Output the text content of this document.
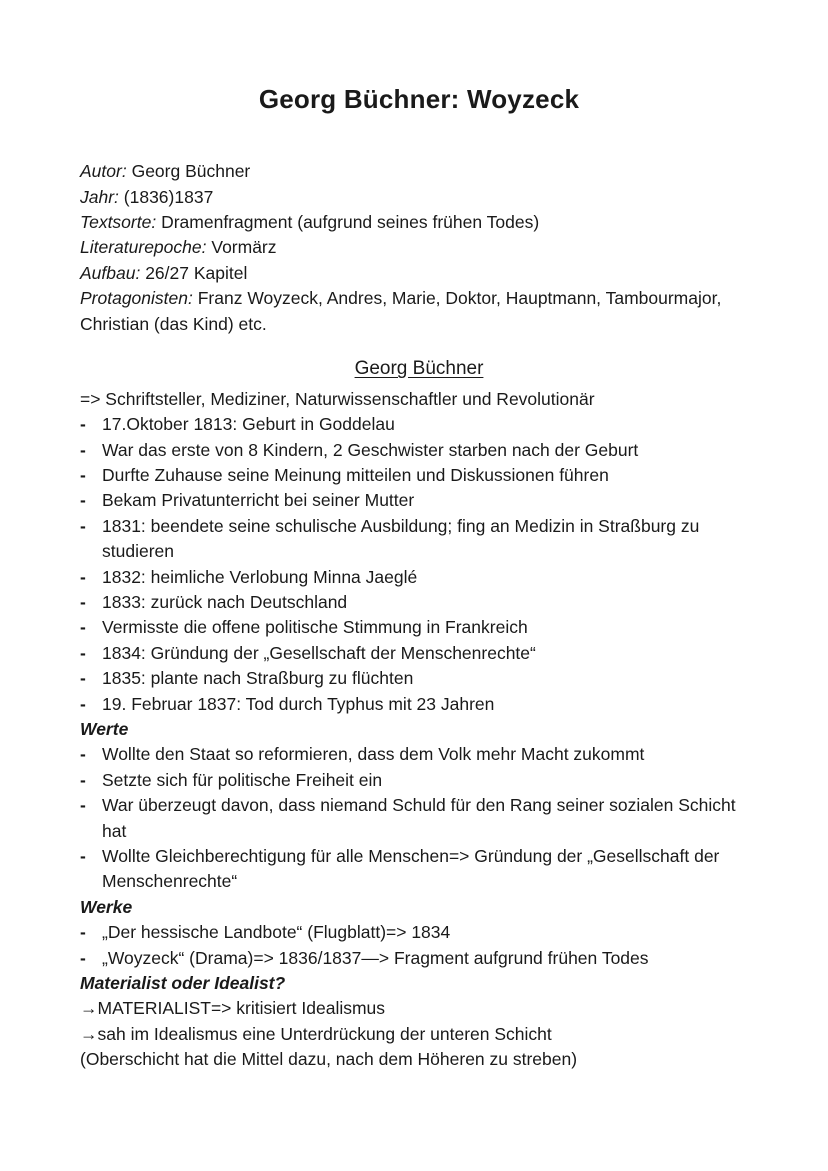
Georg Büchner: Woyzeck

Autor: Georg Büchner

Jahr: (1836)1837

Textsorte: Dramenfragment (aufgrund seines frühen Todes)

Literaturepoche: Vormärz

Aufbau: 26/27 Kapitel

Protagonisten: Franz Woyzeck, Andres, Marie, Doktor, Hauptmann, Tambourmajor, Christian (das Kind) etc.

Georg Büchner

=> Schriftsteller, Mediziner, Naturwissenschaftler und Revolutionär

- 17.Oktober 1813: Geburt in Goddelau
- War das erste von 8 Kindern, 2 Geschwister starben nach der Geburt
- Durfte Zuhause seine Meinung mitteilen und Diskussionen führen
- Bekam Privatunterricht bei seiner Mutter
- 1831: beendete seine schulische Ausbildung; fing an Medizin in Straßburg zu studieren
- 1832: heimliche Verlobung Minna Jaeglé
- 1833: zurück nach Deutschland
- Vermisste die offene politische Stimmung in Frankreich
- 1834: Gründung der „Gesellschaft der Menschenrechte“
- 1835: plante nach Straßburg zu flüchten
- 19. Februar 1837: Tod durch Typhus mit 23 Jahren

Werte

- Wollte den Staat so reformieren, dass dem Volk mehr Macht zukommt
- Setzte sich für politische Freiheit ein
- War überzeugt davon, dass niemand Schuld für den Rang seiner sozialen Schicht hat
- Wollte Gleichberechtigung für alle Menschen=> Gründung der „Gesellschaft der Menschenrechte“

Werke

- „Der hessische Landbote“ (Flugblatt)=> 1834
- „Woyzeck“ (Drama)=> 1836/1837—> Fragment aufgrund frühen Todes

Materialist oder Idealist?

→MATERIALIST=> kritisiert Idealismus

→sah im Idealismus eine Unterdrückung der unteren Schicht

(Oberschicht hat die Mittel dazu, nach dem Höheren zu streben)
